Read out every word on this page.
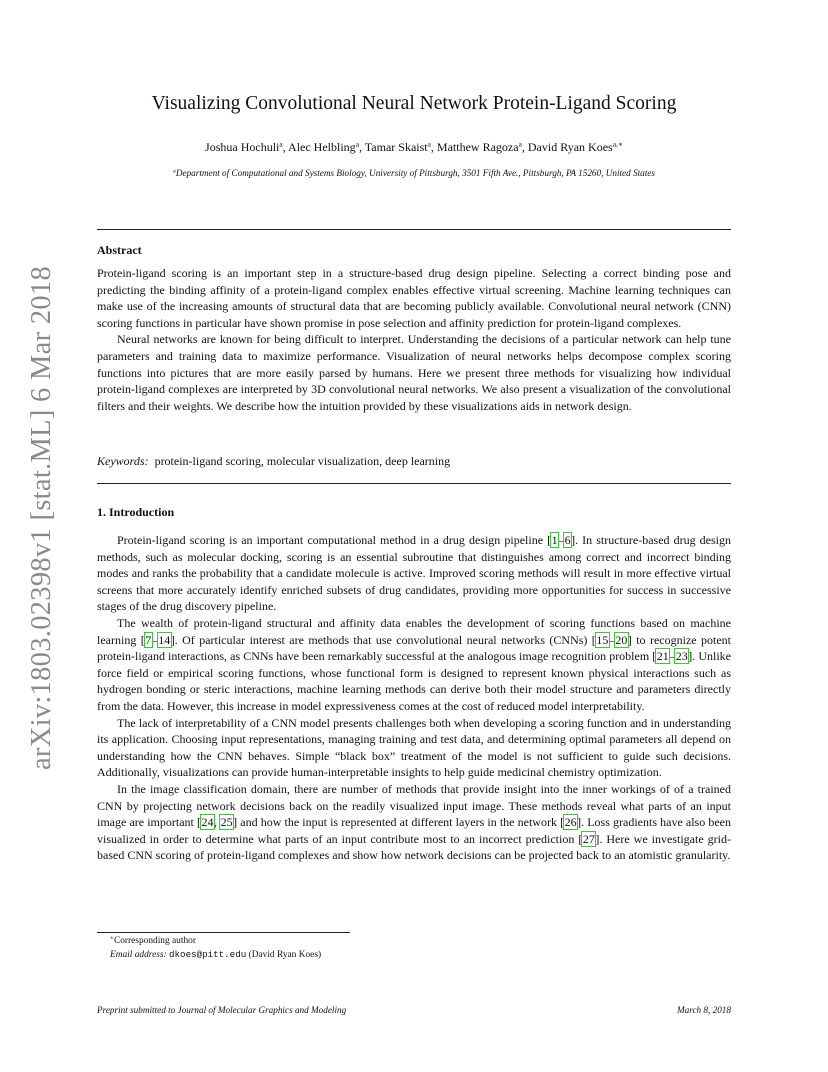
arXiv:1803.02398v1 [stat.ML] 6 Mar 2018
Visualizing Convolutional Neural Network Protein-Ligand Scoring
Joshua Hochuli$^a$, Alec Helbling$^a$, Tamar Skaist$^a$, Matthew Ragoza$^a$, David Ryan Koes$^{a,∗}$
$^a$Department of Computational and Systems Biology, University of Pittsburgh, 3501 Fifth Ave., Pittsburgh, PA 15260, United States
Abstract

Protein-ligand scoring is an important step in a structure-based drug design pipeline. Selecting a correct binding pose and predicting the binding affinity of a protein-ligand complex enables effective virtual screening. Machine learning techniques can make use of the increasing amounts of structural data that are becoming publicly available. Convolutional neural network (CNN) scoring functions in particular have shown promise in pose selection and affinity prediction for protein-ligand complexes.

Neural networks are known for being difficult to interpret. Understanding the decisions of a particular network can help tune parameters and training data to maximize performance. Visualization of neural networks helps decompose complex scoring functions into pictures that are more easily parsed by humans. Here we present three methods for visualizing how individual protein-ligand complexes are interpreted by 3D convolutional neural networks. We also present a visualization of the convolutional filters and their weights. We describe how the intuition provided by these visualizations aids in network design.

Keywords: protein-ligand scoring, molecular visualization, deep learning
1. Introduction

Protein-ligand scoring is an important computational method in a drug design pipeline [1–6]. In structure-based drug design methods, such as molecular docking, scoring is an essential subroutine that distinguishes among correct and incorrect binding modes and ranks the probability that a candidate molecule is active. Improved scoring methods will result in more effective virtual screens that more accurately identify enriched subsets of drug candidates, providing more opportunities for success in successive stages of the drug discovery pipeline.

The wealth of protein-ligand structural and affinity data enables the development of scoring functions based on machine learning [7–14]. Of particular interest are methods that use convolutional neural networks (CNNs) [15–20] to recognize potent protein-ligand interactions, as CNNs have been remarkably successful at the analogous image recognition problem [21–23]. Unlike force field or empirical scoring functions, whose functional form is designed to represent known physical interactions such as hydrogen bonding or steric interactions, machine learning methods can derive both their model structure and parameters directly from the data. However, this increase in model expressiveness comes at the cost of reduced model interpretability.

The lack of interpretability of a CNN model presents challenges both when developing a scoring function and in understanding its application. Choosing input representations, managing training and test data, and determining optimal parameters all depend on understanding how the CNN behaves. Simple “black box” treatment of the model is not sufficient to guide such decisions. Additionally, visualizations can provide human-interpretable insights to help guide medicinal chemistry optimization.

In the image classification domain, there are number of methods that provide insight into the inner workings of of a trained CNN by projecting network decisions back on the readily visualized input image. These methods reveal what parts of an input image are important [24, 25] and how the input is represented at different layers in the network [26]. Loss gradients have also been visualized in order to determine what parts of an input contribute most to an incorrect prediction [27]. Here we investigate grid-based CNN scoring of protein-ligand complexes and show how network decisions can be projected back to an atomistic granularity.

∗Corresponding author
Email address: dkoes@pitt.edu (David Ryan Koes)
Preprint submitted to Journal of Molecular Graphics and Modeling	March 8, 2018
